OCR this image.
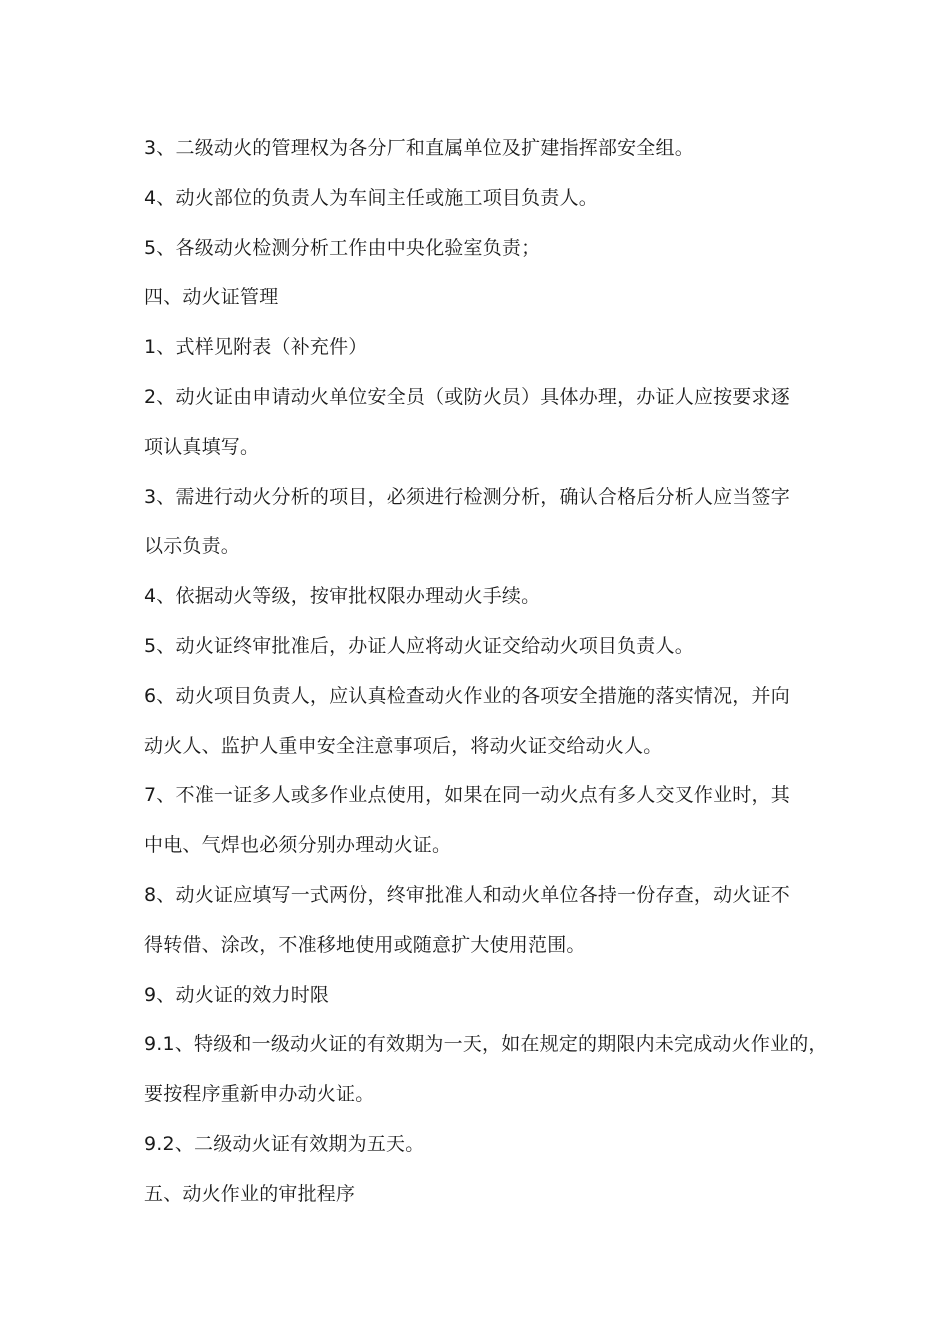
3、二级动火的管理权为各分厂和直属单位及扩建指挥部安全组。
4、动火部位的负责人为车间主任或施工项目负责人。
5、各级动火检测分析工作由中央化验室负责；
四、动火证管理
1、式样见附表（补充件）
2、动火证由申请动火单位安全员（或防火员）具体办理，办证人应按要求逐
项认真填写。
3、需进行动火分析的项目，必须进行检测分析，确认合格后分析人应当签字
以示负责。
4、依据动火等级，按审批权限办理动火手续。
5、动火证终审批准后，办证人应将动火证交给动火项目负责人。
6、动火项目负责人，应认真检查动火作业的各项安全措施的落实情况，并向
动火人、监护人重申安全注意事项后，将动火证交给动火人。
7、不准一证多人或多作业点使用，如果在同一动火点有多人交叉作业时，其
中电、气焊也必须分别办理动火证。
8、动火证应填写一式两份，终审批准人和动火单位各持一份存查，动火证不
得转借、涂改，不准移地使用或随意扩大使用范围。
9、动火证的效力时限
9.1、特级和一级动火证的有效期为一天，如在规定的期限内未完成动火作业的，
要按程序重新申办动火证。
9.2、二级动火证有效期为五天。
五、动火作业的审批程序
